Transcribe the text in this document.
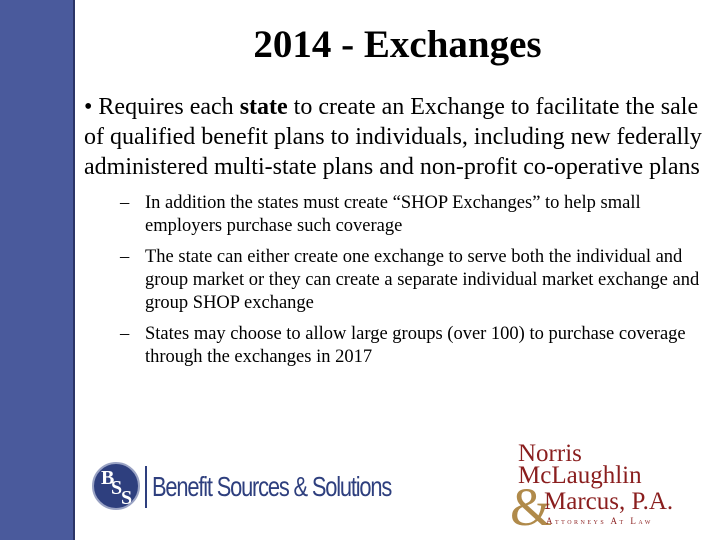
2014 - Exchanges

• Requires each state to create an Exchange to facilitate the sale of qualified benefit plans to individuals, including new federally administered multi-state plans and non-profit co-operative plans

– In addition the states must create “SHOP Exchanges” to help small employers purchase such coverage
– The state can either create one exchange to serve both the individual and group market or they can create a separate individual market exchange and group SHOP exchange
– States may choose to allow large groups (over 100) to purchase coverage through the exchanges in 2017
B
S
S Benefit Sources & Solutions
Norris
McLaughlin
&
Marcus, P.A.
Attorneys At Law
